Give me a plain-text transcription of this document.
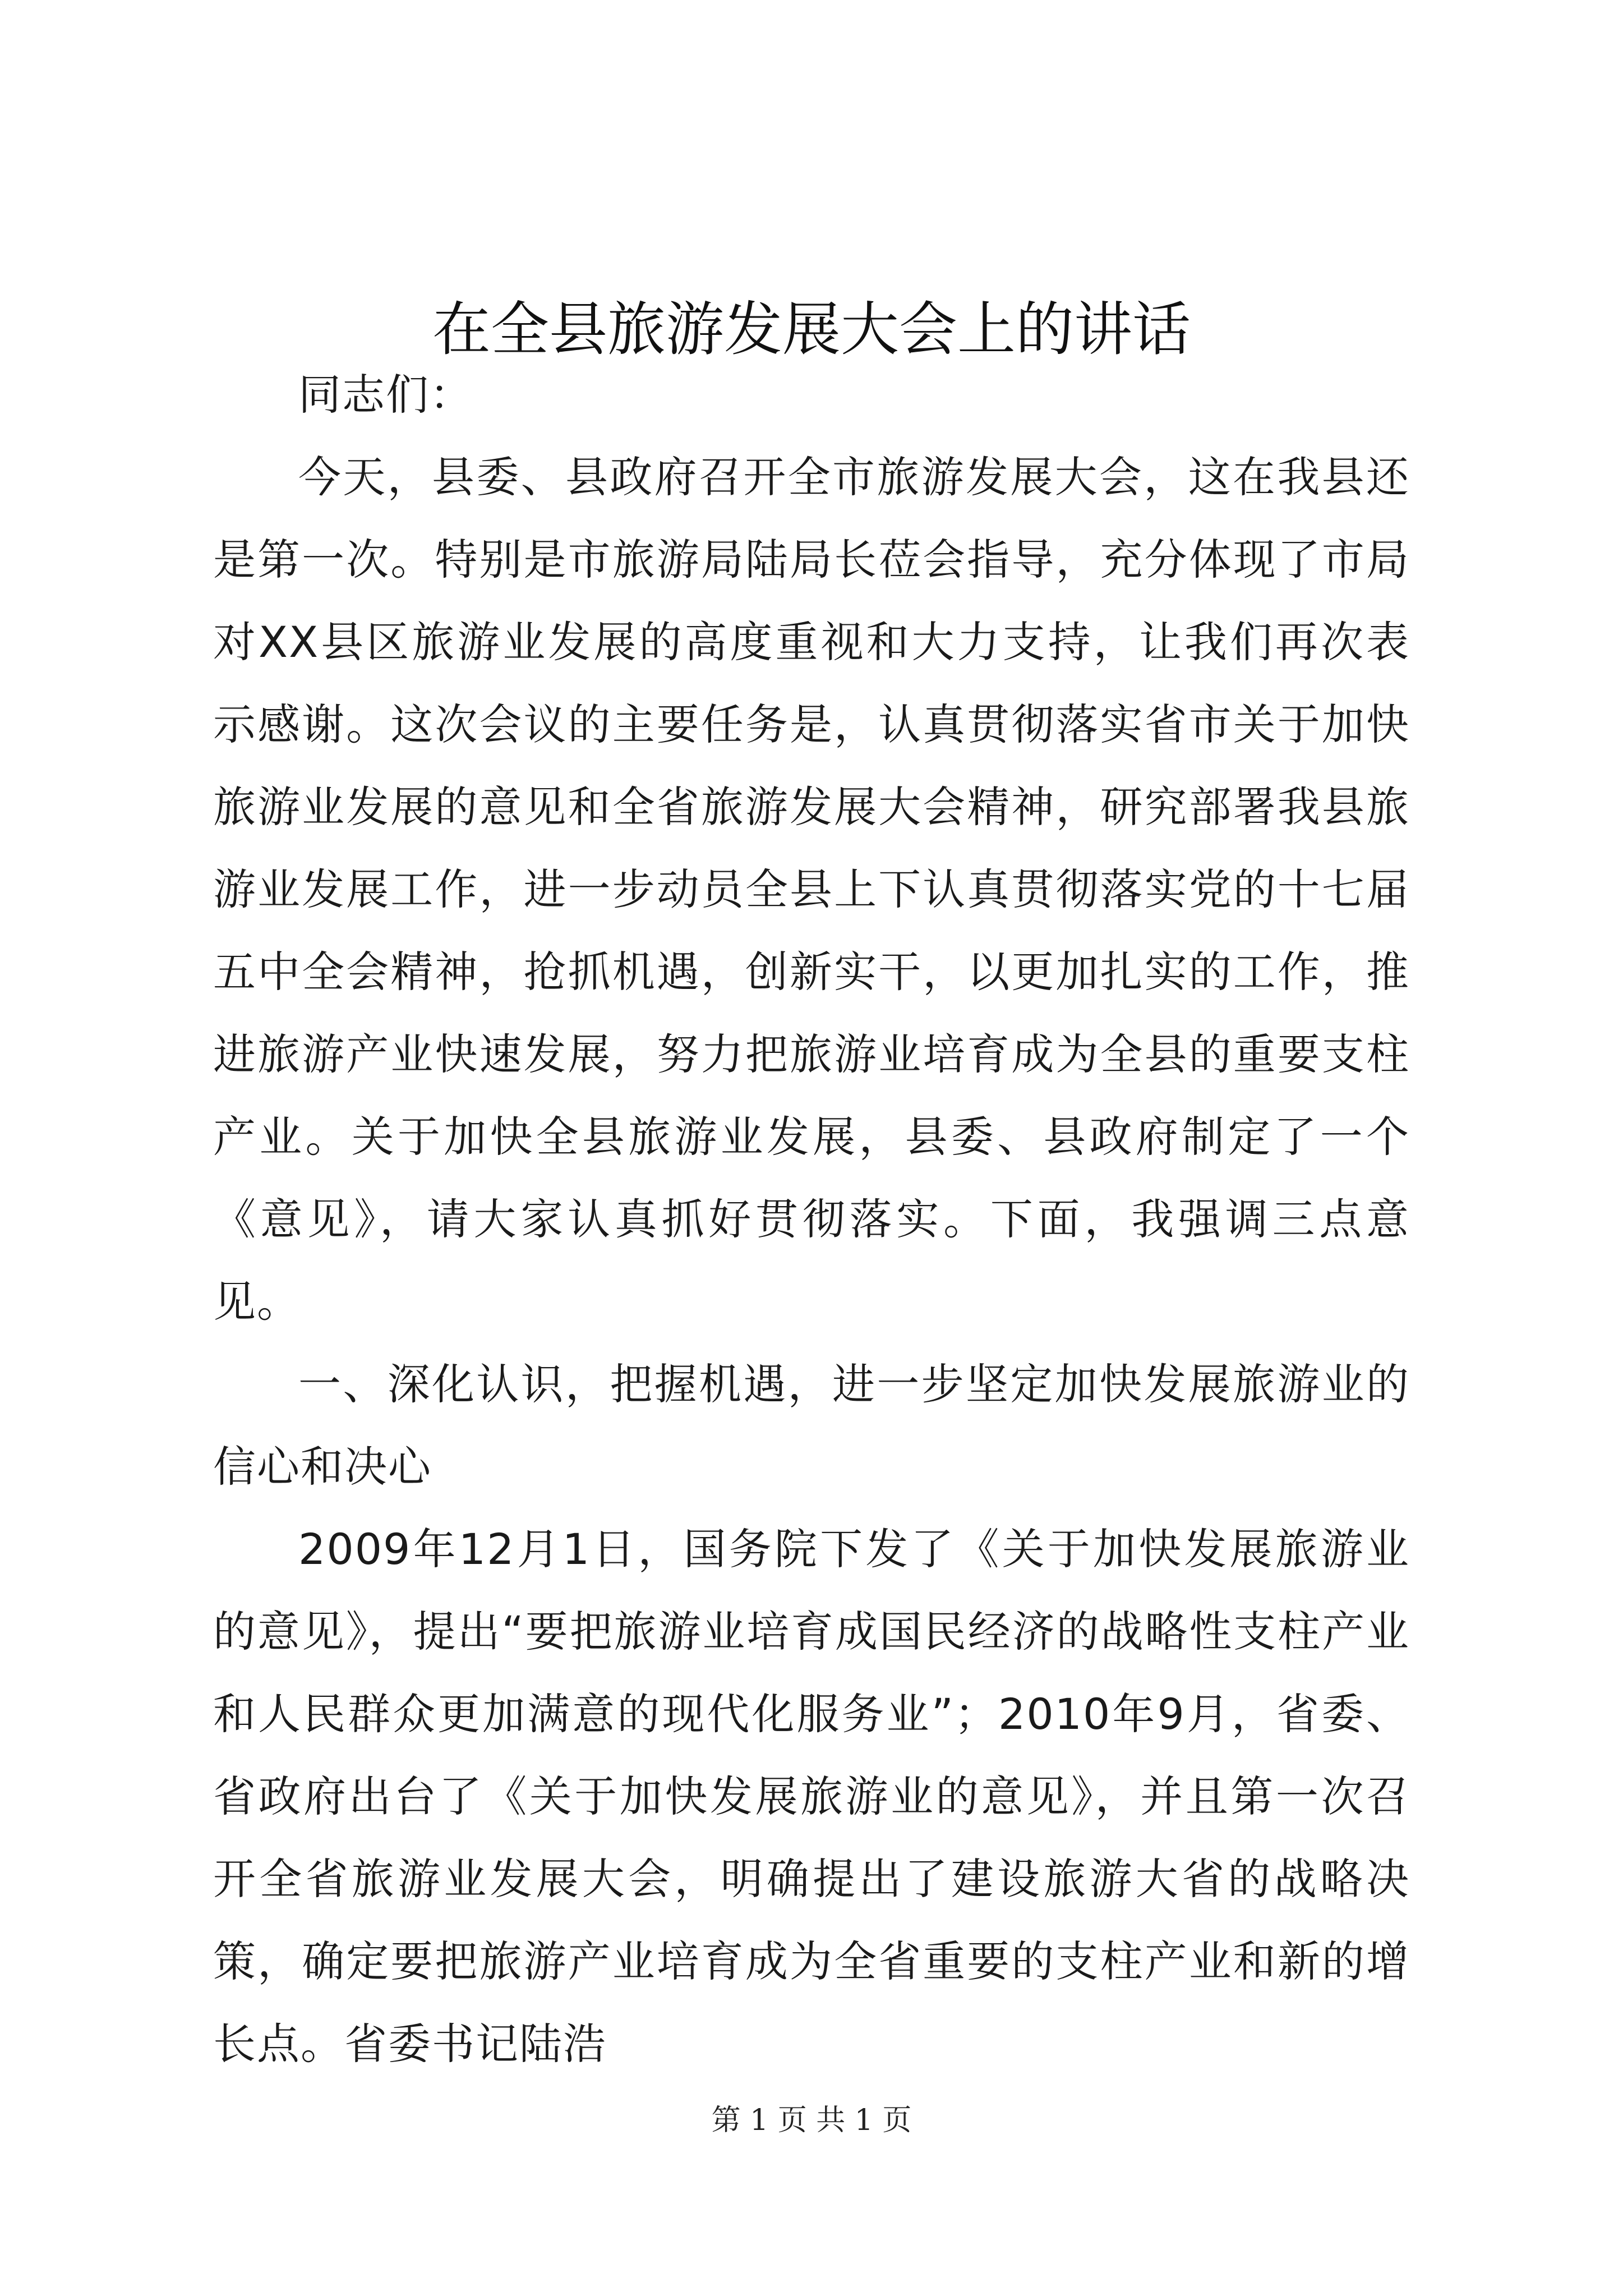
在全县旅游发展大会上的讲话

同志们：

今天，县委、县政府召开全市旅游发展大会，这在我县还是第一次。特别是市旅游局陆局长莅会指导，充分体现了市局对XX县区旅游业发展的高度重视和大力支持，让我们再次表示感谢。这次会议的主要任务是，认真贯彻落实省市关于加快旅游业发展的意见和全省旅游发展大会精神，研究部署我县旅游业发展工作，进一步动员全县上下认真贯彻落实党的十七届五中全会精神，抢抓机遇，创新实干，以更加扎实的工作，推进旅游产业快速发展，努力把旅游业培育成为全县的重要支柱产业。关于加快全县旅游业发展，县委、县政府制定了一个《意见》，请大家认真抓好贯彻落实。下面，我强调三点意见。

一、深化认识，把握机遇，进一步坚定加快发展旅游业的信心和决心

2009年12月1日，国务院下发了《关于加快发展旅游业的意见》，提出“要把旅游业培育成国民经济的战略性支柱产业和人民群众更加满意的现代化服务业”；2010年9月，省委、省政府出台了《关于加快发展旅游业的意见》，并且第一次召开全省旅游业发展大会，明确提出了建设旅游大省的战略决策，确定要把旅游产业培育成为全省重要的支柱产业和新的增长点。省委书记陆浩

第 1 页 共 1 页
